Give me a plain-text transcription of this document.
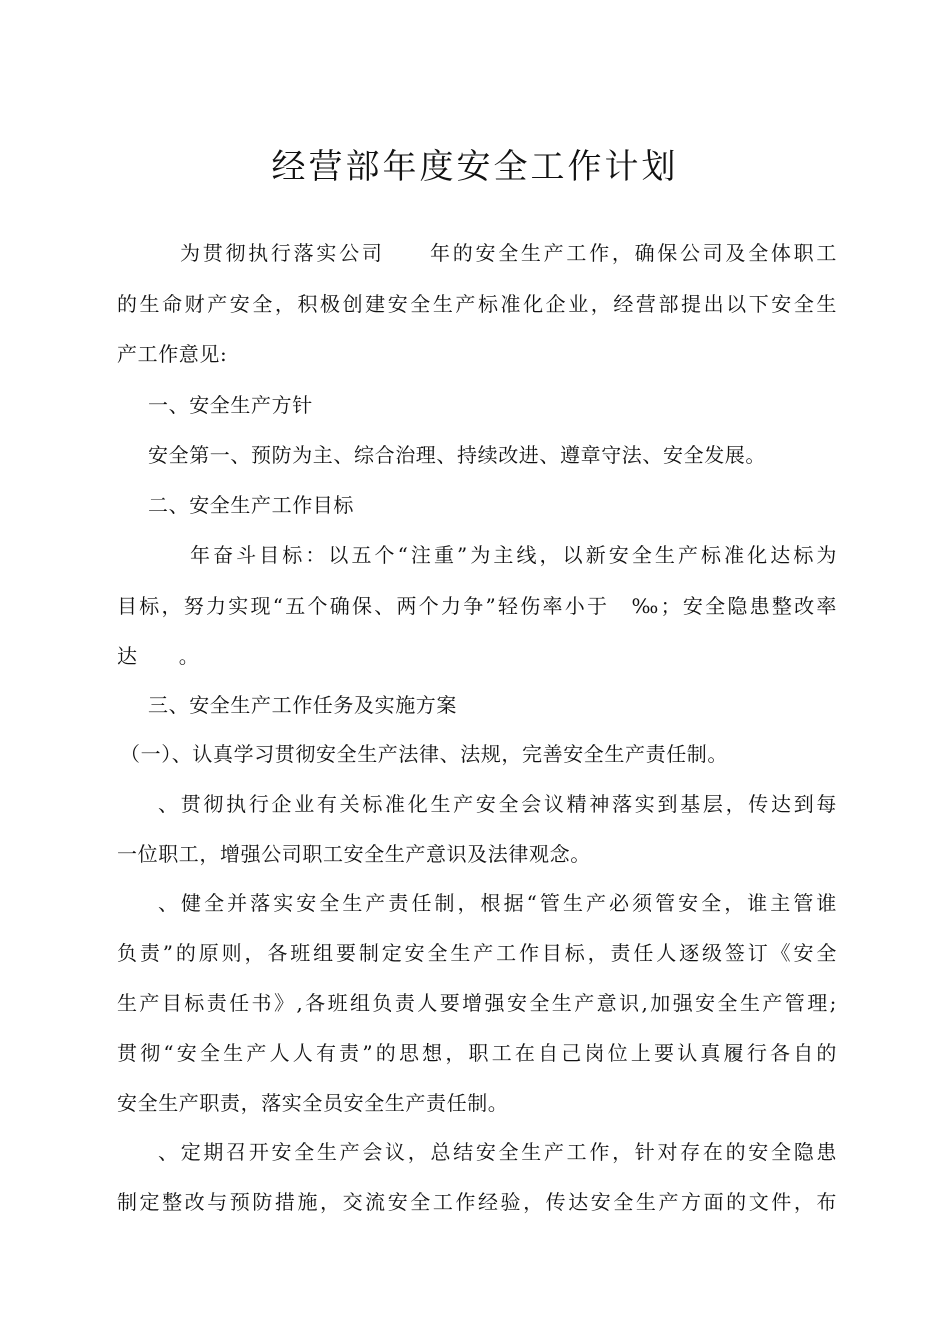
经营部年度安全工作计划
为贯彻执行落实公司　　年的安全生产工作，确保公司及全体职工
的生命财产安全，积极创建安全生产标准化企业，经营部提出以下安全生
产工作意见:
一、安全生产方针
安全第一、预防为主、综合治理、持续改进、遵章守法、安全发展。
二、安全生产工作目标
年奋斗目标：以五个“注重”为主线，以新安全生产标准化达标为
目标，努力实现“五个确保、两个力争”轻伤率小于　‰；安全隐患整改率
达　　。
三、安全生产工作任务及实施方案
（一）、认真学习贯彻安全生产法律、法规，完善安全生产责任制。
、贯彻执行企业有关标准化生产安全会议精神落实到基层，传达到每
一位职工，增强公司职工安全生产意识及法律观念。
、健全并落实安全生产责任制，根据“管生产必须管安全，谁主管谁
负责”的原则，各班组要制定安全生产工作目标，责任人逐级签订《安全
生产目标责任书》,各班组负责人要增强安全生产意识,加强安全生产管理;
贯彻“安全生产人人有责”的思想，职工在自己岗位上要认真履行各自的
安全生产职责，落实全员安全生产责任制。
、定期召开安全生产会议，总结安全生产工作，针对存在的安全隐患
制定整改与预防措施，交流安全工作经验，传达安全生产方面的文件，布
